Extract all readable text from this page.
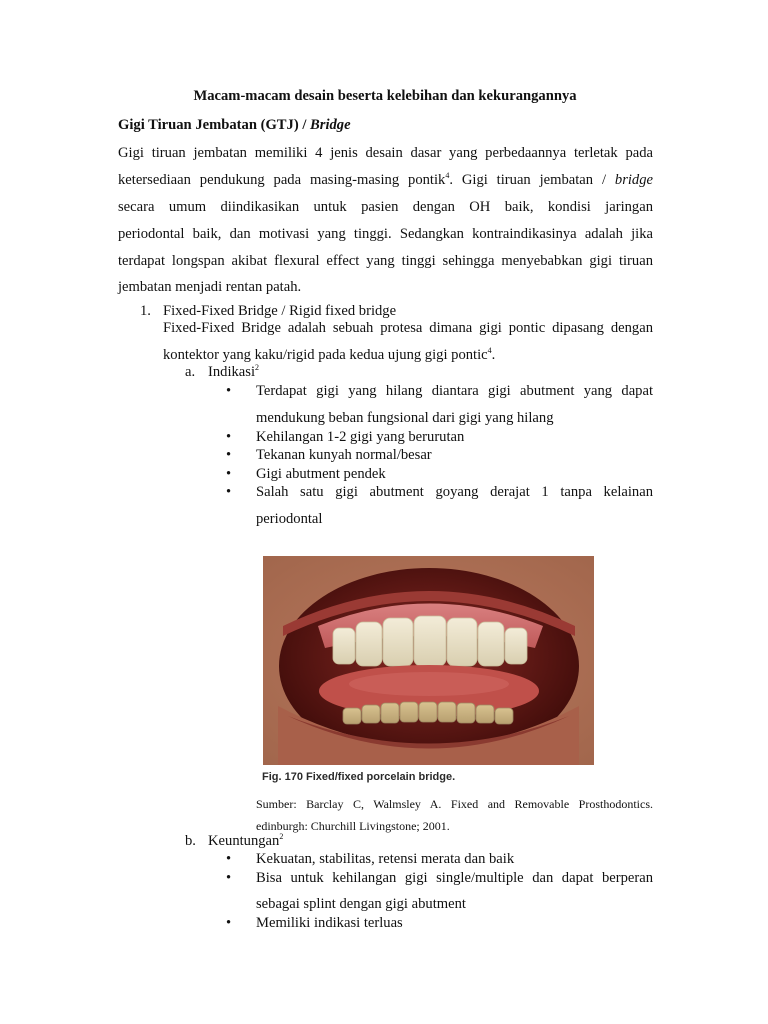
Macam-macam desain beserta kelebihan dan kekurangannya
Gigi Tiruan Jembatan (GTJ) / Bridge
Gigi tiruan jembatan memiliki 4 jenis desain dasar yang perbedaannya terletak pada
ketersediaan pendukung pada masing-masing pontik$^4$. Gigi tiruan jembatan / bridge
secara umum diindikasikan untuk pasien dengan OH baik, kondisi jaringan
periodontal baik, dan motivasi yang tinggi. Sedangkan kontraindikasinya adalah jika
terdapat longspan akibat flexural effect yang tinggi sehingga menyebabkan gigi tiruan
jembatan menjadi rentan patah.
1. Fixed-Fixed Bridge / Rigid fixed bridge
Fixed-Fixed Bridge adalah sebuah protesa dimana gigi pontic dipasang dengan
kontektor yang kaku/rigid pada kedua ujung gigi pontic$^4$.
a. Indikasi$^2$
• Terdapat gigi yang hilang diantara gigi abutment yang dapat
mendukung beban fungsional dari gigi yang hilang
• Kehilangan 1-2 gigi yang berurutan
• Tekanan kunyah normal/besar
• Gigi abutment pendek
• Salah satu gigi abutment goyang derajat 1 tanpa kelainan
periodontal
Fig. 170 Fixed/fixed porcelain bridge.
Sumber: Barclay C, Walmsley A. Fixed and Removable Prosthodontics.
edinburgh: Churchill Livingstone; 2001.
b. Keuntungan$^2$
• Kekuatan, stabilitas, retensi merata dan baik
• Bisa untuk kehilangan gigi single/multiple dan dapat berperan
sebagai splint dengan gigi abutment
• Memiliki indikasi terluas
